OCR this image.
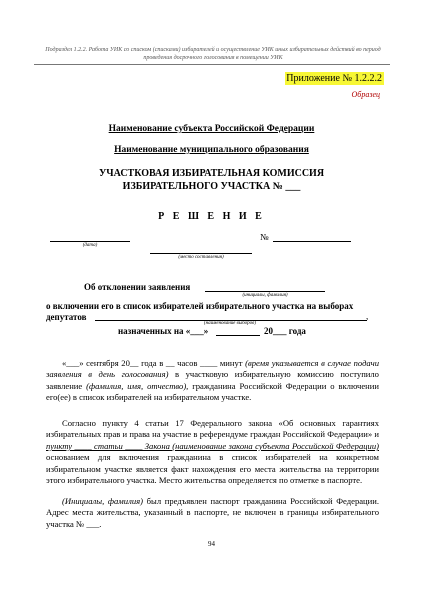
Подраздел 1.2.2. Работа УИК со списком (списками) избирателей и осуществление УИК иных избирательных действий во период проведения досрочного голосования в помещении УИК
Приложение № 1.2.2.2
Образец
Наименование субъекта Российской Федерации
Наименование муниципального образования
УЧАСТКОВАЯ ИЗБИРАТЕЛЬНАЯ КОМИССИЯ
ИЗБИРАТЕЛЬНОГО УЧАСТКА № ___
Р Е Ш Е Н И Е
(дата)
№
(место составления)
Об отклонении заявления
(инициалы, фамилия)
о включении его в список избирателей избирательного участка на выборах
депутатов	,
(наименование выборов)
назначенных на «___»	20___ года
«___» сентября 20__ года в __ часов ____ минут (время указывается в случае подачи заявления в день голосования) в участковую избирательную комиссию поступило заявление (фамилия, имя, отчество), гражданина Российской Федерации о включении его(ее) в список избирателей на избирательном участке.
Согласно пункту 4 статьи 17 Федерального закона «Об основных гарантиях избирательных прав и права на участие в референдуме граждан Российской Федерации» и пункту ____ статьи ____ Закона (наименование закона субъекта Российской Федерации) основанием для включения гражданина в список избирателей на конкретном избирательном участке является факт нахождения его места жительства на территории этого избирательного участка. Место жительства определяется по отметке в паспорте.
(Инициалы, фамилия) был предъявлен паспорт гражданина Российской Федерации. Адрес места жительства, указанный в паспорте, не включен в границы избирательного участка № ___.
94
